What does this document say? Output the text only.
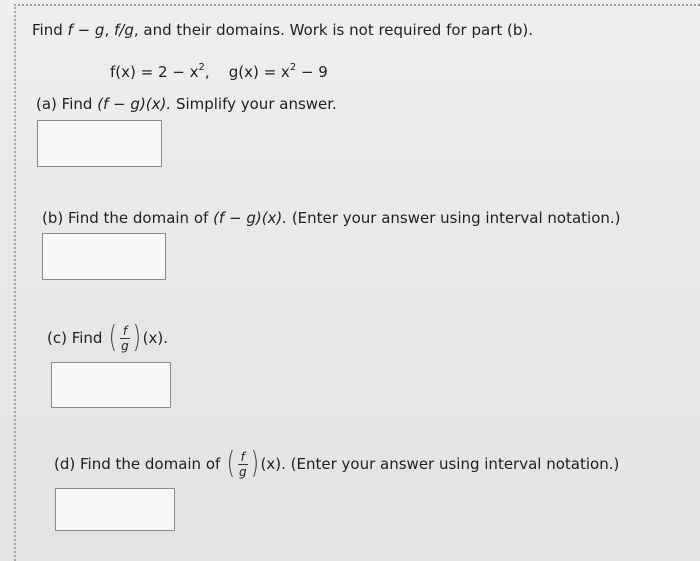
Find f − g, f/g, and their domains. Work is not required for part (b).
$f(x) = 2 - x^2$,    $g(x) = x^2 - 9$
(a) Find (f − g)(x). Simplify your answer.
(b) Find the domain of (f − g)(x). (Enter your answer using interval notation.)
(c) Find
( $\frac{f}{g}$ ) (x).
(d) Find the domain of
( $\frac{f}{g}$ ) (x).
(Enter your answer using interval notation.)
